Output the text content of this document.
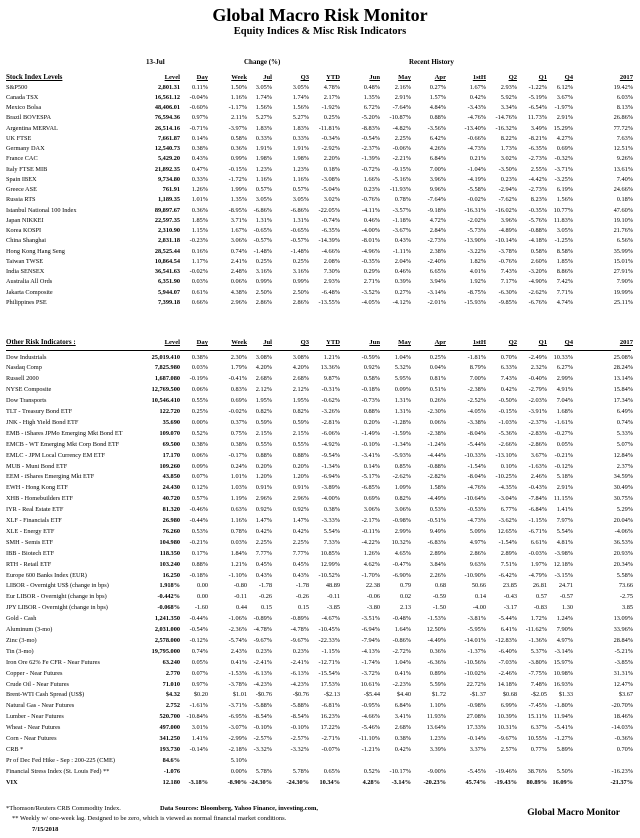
Global Macro Risk Monitor
Equity Indices & Misc Risk Indicators
13-Jul	Change (%)	Recent History
Stock Index Levels	Level	Day	Week Jul	Q3	YTD	Jun	May	Apr	1stH	Q2	Q1	Q4	2017
S&P500	2,801.31 0.11%	1.50% 3.05%	3.05% 4.78%	0.48% 2.16%	0.27%	1.67% 2.93% -1.22% 6.12%	19.42%
Canada TSX	16,561.12 -0.04%	1.16% 1.74%	1.74% 2.17%	1.35% 2.91%	1.57%	0.42% 5.92% -5.19% 3.67%	6.03%
Mexico Bolsa	48,406.01 -0.60%	-1.17% 1.56%	1.56% -1.92%	6.72% -7.64%	4.84%	-3.43% 3.34% -6.54% -1.97%	8.13%
Brazil BOVESPA	76,594.36 0.97%	2.11% 5.27%	5.27% 0.25%	-5.20% -10.87%	0.88%	-4.76% -14.76% 11.73% 2.91%	26.86%
Argentina MERVAL	26,514.16 -0.71%	-3.97% 1.83%	1.83% -11.81%	-8.83% -4.82%	-3.56%	-13.40% -16.32% 3.49% 15.29%	77.72%
UK FTSE	7,661.87 0.14%	0.58% 0.33%	0.33% -0.34%	-0.54% 2.25%	6.42%	-0.66% 8.22% -8.21% 4.27%	7.63%
Germany DAX	12,540.73 0.38%	0.36% 1.91%	1.91% -2.92%	-2.37% -0.06%	4.26%	-4.73% 1.73% -6.35% 0.69%	12.51%
France CAC	5,429.20 0.43%	0.99% 1.98%	1.98% 2.20%	-1.39% -2.21%	6.84%	0.21% 3.02% -2.73% -0.32%	9.26%
Italy FTSE MIB	21,892.35 0.47%	-0.15% 1.23%	1.23% 0.18%	-0.72% -9.15%	7.00%	-1.04% -3.50% 2.55% -3.71%	13.61%
Spain IBEX	9,734.80 0.33%	-1.72% 1.16%	1.16% -3.08%	1.66% -5.16%	3.96%	-4.19% 0.23% -4.42% -3.25%	7.40%
Greece ASE	761.91 1.26%	1.99% 0.57%	0.57% -5.04%	0.23% -11.93%	9.96%	-5.58% -2.94% -2.73% 6.19%	24.66%
Russia RTS	1,189.35 1.01%	1.35% 3.05%	3.05% 3.02%	-0.76% 0.78%	-7.64%	-0.02% -7.62% 8.23% 1.56%	0.18%
Istanbul National 100 Index	89,897.67 0.36%	-8.95% -6.86%	-6.86% -22.05%	-4.11% -3.57%	-9.18%	-16.31% -16.02% -0.35% 10.77%	47.60%
Japan NIKKEI	22,597.35 1.85%	3.71% 1.31%	1.31% -0.74%	0.46% -1.18%	4.72%	-2.02% 3.96% -5.76% 11.83%	19.10%
Korea KOSPI	2,310.90 1.15%	1.67% -0.65%	-0.65% -6.35%	-4.00% -3.67%	2.84%	-5.73% -4.89% -0.88% 3.05%	21.76%
China Shanghai	2,831.18 -0.23%	3.06% -0.57%	-0.57% -14.39%	-8.01% 0.43%	-2.73%	-13.90% -10.14% -4.18% -1.25%	6.56%
Hong Kong Hang Seng	28,525.44 0.16%	0.74% -1.48%	-1.48% -4.66%	-4.96% -1.11%	2.38%	-3.22% -3.78% 0.58% 8.58%	35.99%
Taiwan TWSE	10,864.54 1.17%	2.41% 0.25%	0.25% 2.08%	-0.35% 2.04%	-2.40%	1.82% -0.76% 2.60% 1.85%	15.01%
India SENSEX	36,541.63 -0.02%	2.48% 3.16%	3.16% 7.30%	0.29% 0.46%	6.65%	4.01% 7.43% -3.20% 8.86%	27.91%
Australia All Ords	6,351.90 0.03%	0.06% 0.99%	0.99% 2.93%	2.71% 0.39%	3.94%	1.92% 7.17% -4.90% 7.42%	7.90%
Jakarta Composite	5,944.07 0.61%	4.38% 2.50%	2.50% -6.48%	-3.52% 0.27%	-3.14%	-8.75% -6.30% -2.62% 7.71%	19.99%
Philippines PSE	7,399.18 0.66%	2.96% 2.86%	2.86% -13.55%	-4.05% -4.12%	-2.01%	-15.93% -9.85% -6.76% 4.74%	25.11%
Other Risk Indicators :	Level	Day	Week Jul	Q3	YTD	Jun	May	Apr	1stH	Q2	Q1	Q4	2017
Dow Industrials	25,019.410 0.38%	2.30% 3.08%	3.08% 1.21%	-0.59% 1.04%	0.25%	-1.81% 0.70% -2.49% 10.33%	25.08%
Nasdaq Comp	7,825.980 0.03%	1.79% 4.20%	4.20% 13.36%	0.92% 5.32%	0.04%	8.79% 6.33% 2.32% 6.27%	28.24%
Russell 2000	1,687.080 -0.19%	-0.41% 2.68%	2.68% 9.87%	0.58% 5.95%	0.81%	7.00% 7.43% -0.40% 2.99%	13.14%
NYSE Composite	12,769.500 0.06%	0.83% 2.12%	2.12% -0.31%	-0.18% 0.09%	0.51%	-2.38% 0.42% -2.79% 4.91%	15.84%
Dow Transports	10,546.410 0.55%	0.69% 1.95%	1.95% -0.62%	-0.73% 1.31%	0.26%	-2.52% -0.50% -2.03% 7.04%	17.34%
TLT - Treasury Bond ETF	122.720 0.25%	-0.02% 0.82%	0.82% -3.26%	0.88% 1.31%	-2.30%	-4.05% -0.15% -3.91% 1.68%	6.49%
JNK - High Yield Bond ETF	35.690 0.00%	0.37% 0.59%	0.59% -2.81%	0.20% -1.28%	0.06%	-3.38% -1.03% -2.37% -1.61%	0.74%
EMB - iShares JPMo Emerging Mkt Bond ET	109.070 0.52%	0.75% 2.15%	2.15% -6.06%	-1.49% -1.59%	-2.38%	-8.04% -5.36% -2.83% -0.27%	5.33%
EMCB - WT Emerging Mkt Corp Bond ETF	69.500 0.38%	0.38% 0.55%	0.55% -4.92%	-0.10% -1.34%	-1.24%	-5.44% -2.66% -2.86% 0.05%	5.07%
EMLC - JPM Local Currency EM ETF	17.170 0.06%	-0.17% 0.88%	0.88% -9.54%	-3.41% -5.93%	-4.44%	-10.33% -13.10% 3.67% -0.21%	12.84%
MUB - Muni Bond ETF	109.260 0.09%	0.24% 0.20%	0.20% -1.34%	0.14% 0.85%	-0.88%	-1.54% 0.10% -1.63% -0.12%	2.37%
EEM - iShares Emerging Mkt ETF	43.850 0.07%	1.01% 1.20%	1.20% -6.94%	-5.17% -2.62%	-2.82%	-8.04% -10.25% 2.46% 5.18%	34.59%
EWH - Hong Kong ETF	24.430 0.12%	1.03% 0.91%	0.91% -3.89%	-6.85% 1.09%	1.58%	-4.76% -4.35% -0.43% 2.91%	30.49%
XHB - Homebuilders ETF	40.720 0.57%	1.19% 2.96%	2.96% -4.00%	0.69% 0.82%	-4.49%	-10.64% -3.04% -7.84% 11.15%	30.75%
IYR - Real Estate ETF	81.320 -0.46%	0.63% 0.92%	0.92% 0.38%	3.06% 3.06%	0.53%	-0.53% 6.77% -6.84% 1.41%	5.29%
XLF - Financials ETF	26.980 -0.44%	1.16% 1.47%	1.47% -3.33%	-2.17% -0.98%	-0.51%	-4.73% -3.62% -1.15% 7.97%	20.04%
XLE - Energy ETF	76.260 0.53%	0.78% 0.42%	0.42% 5.54%	-0.11% 2.99%	9.49%	5.09% 12.65% -6.71% 5.54%	-4.06%
SMH - Semis ETF	104.980 -0.21%	0.03% 2.25%	2.25% 7.33%	-4.22% 10.32%	-6.83%	4.97% -1.54% 6.61% 4.81%	36.53%
IBB - Biotech ETF	118.350 0.17%	1.84% 7.77%	7.77% 10.85%	1.26% 4.65%	2.89%	2.86% 2.89% -0.03% -3.98%	20.93%
RTH - Retail ETF	103.240 0.88%	1.21% 0.45%	0.45% 12.99%	4.62% -0.47%	3.84%	9.63% 7.51% 1.97% 12.18%	20.34%
Europe 600 Banks Index (EUR)	16.250 -0.18%	-1.10% 0.43%	0.43% -10.52%	-1.70% -6.90%	2.26%	-10.90% -6.42% -4.79% -3.15%	5.58%
LIBOR - Overnight US$ (change in bps)	1.918%	0.00	-0.80 -1.78	-1.78	48.89	22.38	0.79	0.68	50.66	23.85	26.81 24.71	73.66
Eur LIBOR - Overnight (change in bps)	-0.442%	0.00	-0.11 -0.26	-0.26	-0.11	-0.06	0.02	-0.59	0.14	-0.43	0.57 -0.57	-2.75
JPY LIBOR - Overnight (change in bps)	-0.068% -1.60	0.44 0.15	0.15	-3.85	-3.80	2.13	-1.50	-4.00	-3.17	-0.83 1.30	3.85
Gold - Cash	1,241.350 -0.44%	-1.06% -0.89%	-0.89% -4.67%	-3.51% -0.48%	-1.53%	-3.81% -5.44% 1.72% 1.24%	13.09%
Aluminum (3-mo)	2,031.000 -0.54%	-2.36% -4.78%	-4.78% -10.45%	-6.94% 1.64% 12.50%	-5.95% 6.41% -11.62% 7.90%	33.96%
Zinc (3-mo)	2,578.000 -0.12%	-5.74% -9.67%	-9.67% -22.33%	-7.94% -0.86%	-4.49%	-14.01% -12.83% -1.36% 4.97%	28.84%
Tin (3-mo)	19,795.000 0.74%	2.43% 0.23%	0.23% -1.15%	-4.13% -2.72%	0.36%	-1.37% -6.40% 5.37% -3.14%	-5.21%
Iron Ore 62% Fe CFR - Near Futures	63.240 0.05%	0.41% -2.41%	-2.41% -12.71%	-1.74% 1.04%	-6.36%	-10.56% -7.03% -3.80% 15.97%	-3.85%
Copper - Near Futures	2.770 0.07%	-1.53% -6.13%	-6.13% -15.54%	-3.72% 0.41%	0.89%	-10.02% -2.46% -7.75% 10.98%	31.31%
Crude Oil - Near Futures	71.010 0.97%	-3.78% -4.23%	-4.23% 17.53%	10.61% -2.23%	5.59%	22.72% 14.18% 7.48% 16.93%	12.47%
Brent-WTI Cash Spread (US$)	$4.32 $0.20	$1.01 -$0.76	-$0.76 -$2.13	-$5.44	$4.40	$1.72	-$1.37	$0.68 -$2.05 $1.33	$3.67
Natural Gas - Near Futures	2.752 -1.61%	-3.71% -5.88%	-5.88% -6.81%	-0.95% 6.84%	1.10%	-0.98% 6.99% -7.45% -1.80%	-20.70%
Lumber - Near Futures	520.700 -10.84%	-6.95% -8.54%	-8.54% 16.23%	-4.66% 3.41%	11.93%	27.08% 10.39% 15.11% 11.94%	18.46%
Wheat - Near Futures	497.000 3.01%	-3.07% -0.10%	-0.10% 17.22%	-5.46% 2.68% 13.64%	17.33% 10.31% 6.37% -5.41%	-14.03%
Corn - Near Futures	341.250 1.41%	-2.99% -2.57%	-2.57% -2.71%	-11.10% 0.38%	1.23%	-0.14% -9.67% 10.55% -1.27%	-0.36%
CRB *	193.730 -0.14%	-2.18% -3.32%	-3.32% -0.07%	-1.21% 0.42%	3.39%	3.37% 2.57% 0.77% 5.89%	0.70%
Pr of Dec Fed Hike - Sep : 200-225 (CME)	84.6%	5.10%
Financial Stress Index (St. Louis Fed) **	-1.076	0.00% 5.78%	5.78% 0.65%	0.52% -10.17%	-9.00%	-5.45% -19.46% 38.76% 5.50%	-16.23%
VIX	12.180 -3.18%	-8.90% -24.30% -24.30% 10.34%	4.28% -3.14% -20.23%	45.74% -19.43% 80.89% 16.09%	-21.37%
*Thomson/Reuters CRB Commodity Index.	Data Sources: Bloomberg, Yahoo Finance, investing.com,
** Weekly w/ one-week lag. Designed to be zero, which is viewed as normal financial market conditions.
7/15/2018
Global Macro Monitor
